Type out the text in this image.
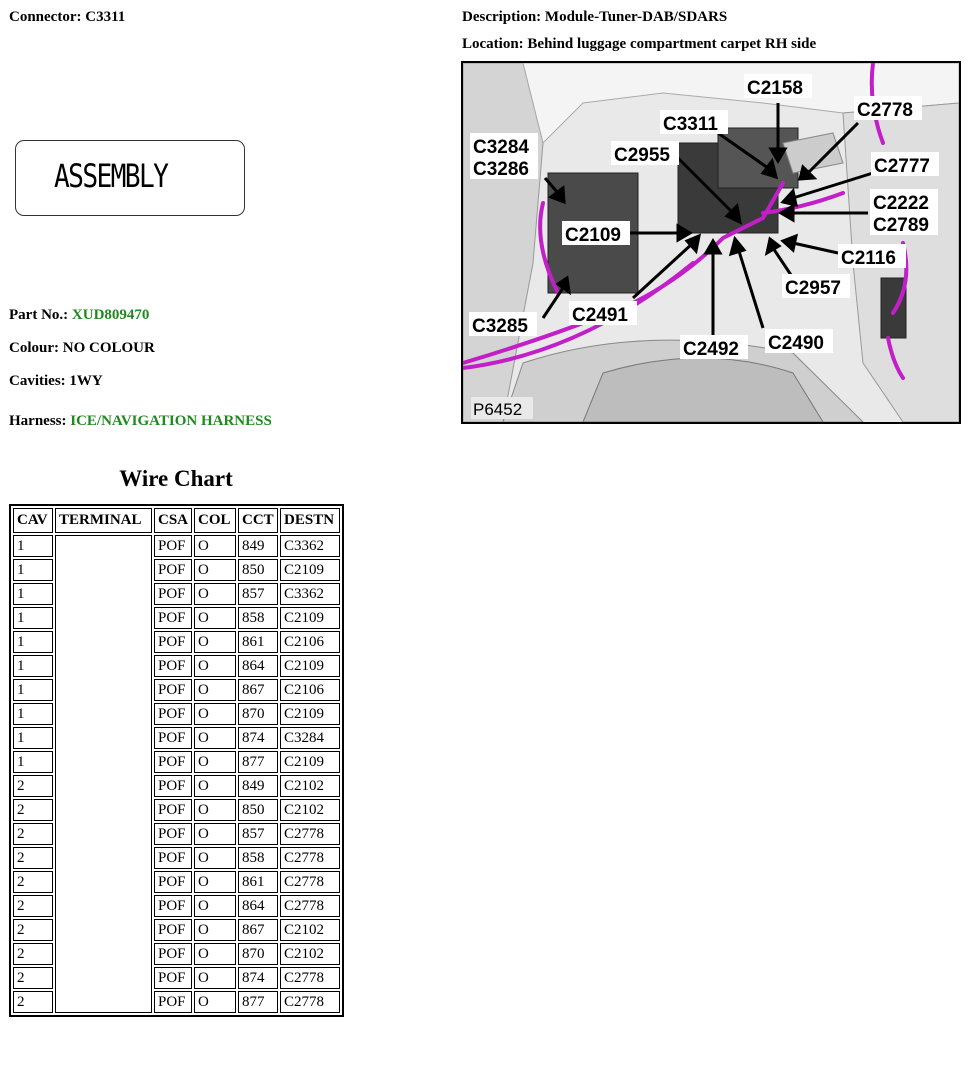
Connector: C3311	Description: Module-Tuner-DAB/SDARS
Location: Behind luggage compartment carpet RH side
ASSEMBLY
Part No.: XUD809470
Colour: NO COLOUR
Cavities: 1WY
Harness: ICE/NAVIGATION HARNESS
C2158
C2778
C3311
C3284
C3286
C2955
C2777
C2222
C2789
C2109
C2116
C2957
C3285
C2491
C2490
C2492
P6452
Wire Chart
CAV	TERMINAL	CSA	COL	CCT	DESTN
1		POF	O	849	C3362
1		POF	O	850	C2109
1		POF	O	857	C3362
1		POF	O	858	C2109
1		POF	O	861	C2106
1		POF	O	864	C2109
1		POF	O	867	C2106
1		POF	O	870	C2109
1		POF	O	874	C3284
1		POF	O	877	C2109
2		POF	O	849	C2102
2		POF	O	850	C2102
2		POF	O	857	C2778
2		POF	O	858	C2778
2		POF	O	861	C2778
2		POF	O	864	C2778
2		POF	O	867	C2102
2		POF	O	870	C2102
2		POF	O	874	C2778
2		POF	O	877	C2778
